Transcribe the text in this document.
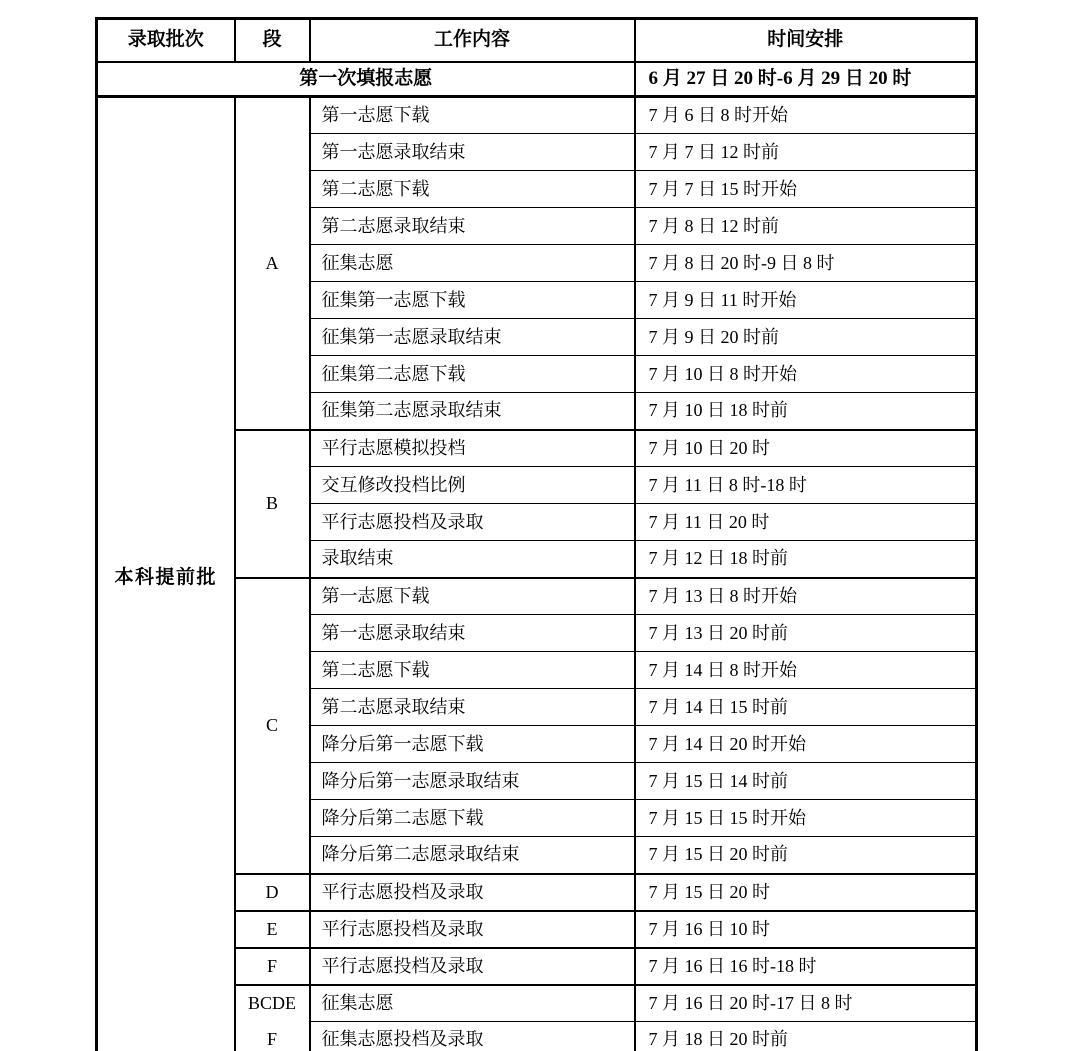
录取批次	段	工作内容	时间安排
第一次填报志愿			6 月 27 日 20 时-6 月 29 日 20 时
本科提前批	A	第一志愿下载	7 月 6 日 8 时开始
		第一志愿录取结束	7 月 7 日 12 时前
		第二志愿下载	7 月 7 日 15 时开始
		第二志愿录取结束	7 月 8 日 12 时前
		征集志愿	7 月 8 日 20 时-9 日 8 时
		征集第一志愿下载	7 月 9 日 11 时开始
		征集第一志愿录取结束	7 月 9 日 20 时前
		征集第二志愿下载	7 月 10 日 8 时开始
		征集第二志愿录取结束	7 月 10 日 18 时前
	B	平行志愿模拟投档	7 月 10 日 20 时
		交互修改投档比例	7 月 11 日 8 时-18 时
		平行志愿投档及录取	7 月 11 日 20 时
		录取结束	7 月 12 日 18 时前
	C	第一志愿下载	7 月 13 日 8 时开始
		第一志愿录取结束	7 月 13 日 20 时前
		第二志愿下载	7 月 14 日 8 时开始
		第二志愿录取结束	7 月 14 日 15 时前
		降分后第一志愿下载	7 月 14 日 20 时开始
		降分后第一志愿录取结束	7 月 15 日 14 时前
		降分后第二志愿下载	7 月 15 日 15 时开始
		降分后第二志愿录取结束	7 月 15 日 20 时前
	D	平行志愿投档及录取	7 月 15 日 20 时
	E	平行志愿投档及录取	7 月 16 日 10 时
	F	平行志愿投档及录取	7 月 16 日 16 时-18 时
	BCDE	征集志愿	7 月 16 日 20 时-17 日 8 时
	F	征集志愿投档及录取	7 月 18 日 20 时前
